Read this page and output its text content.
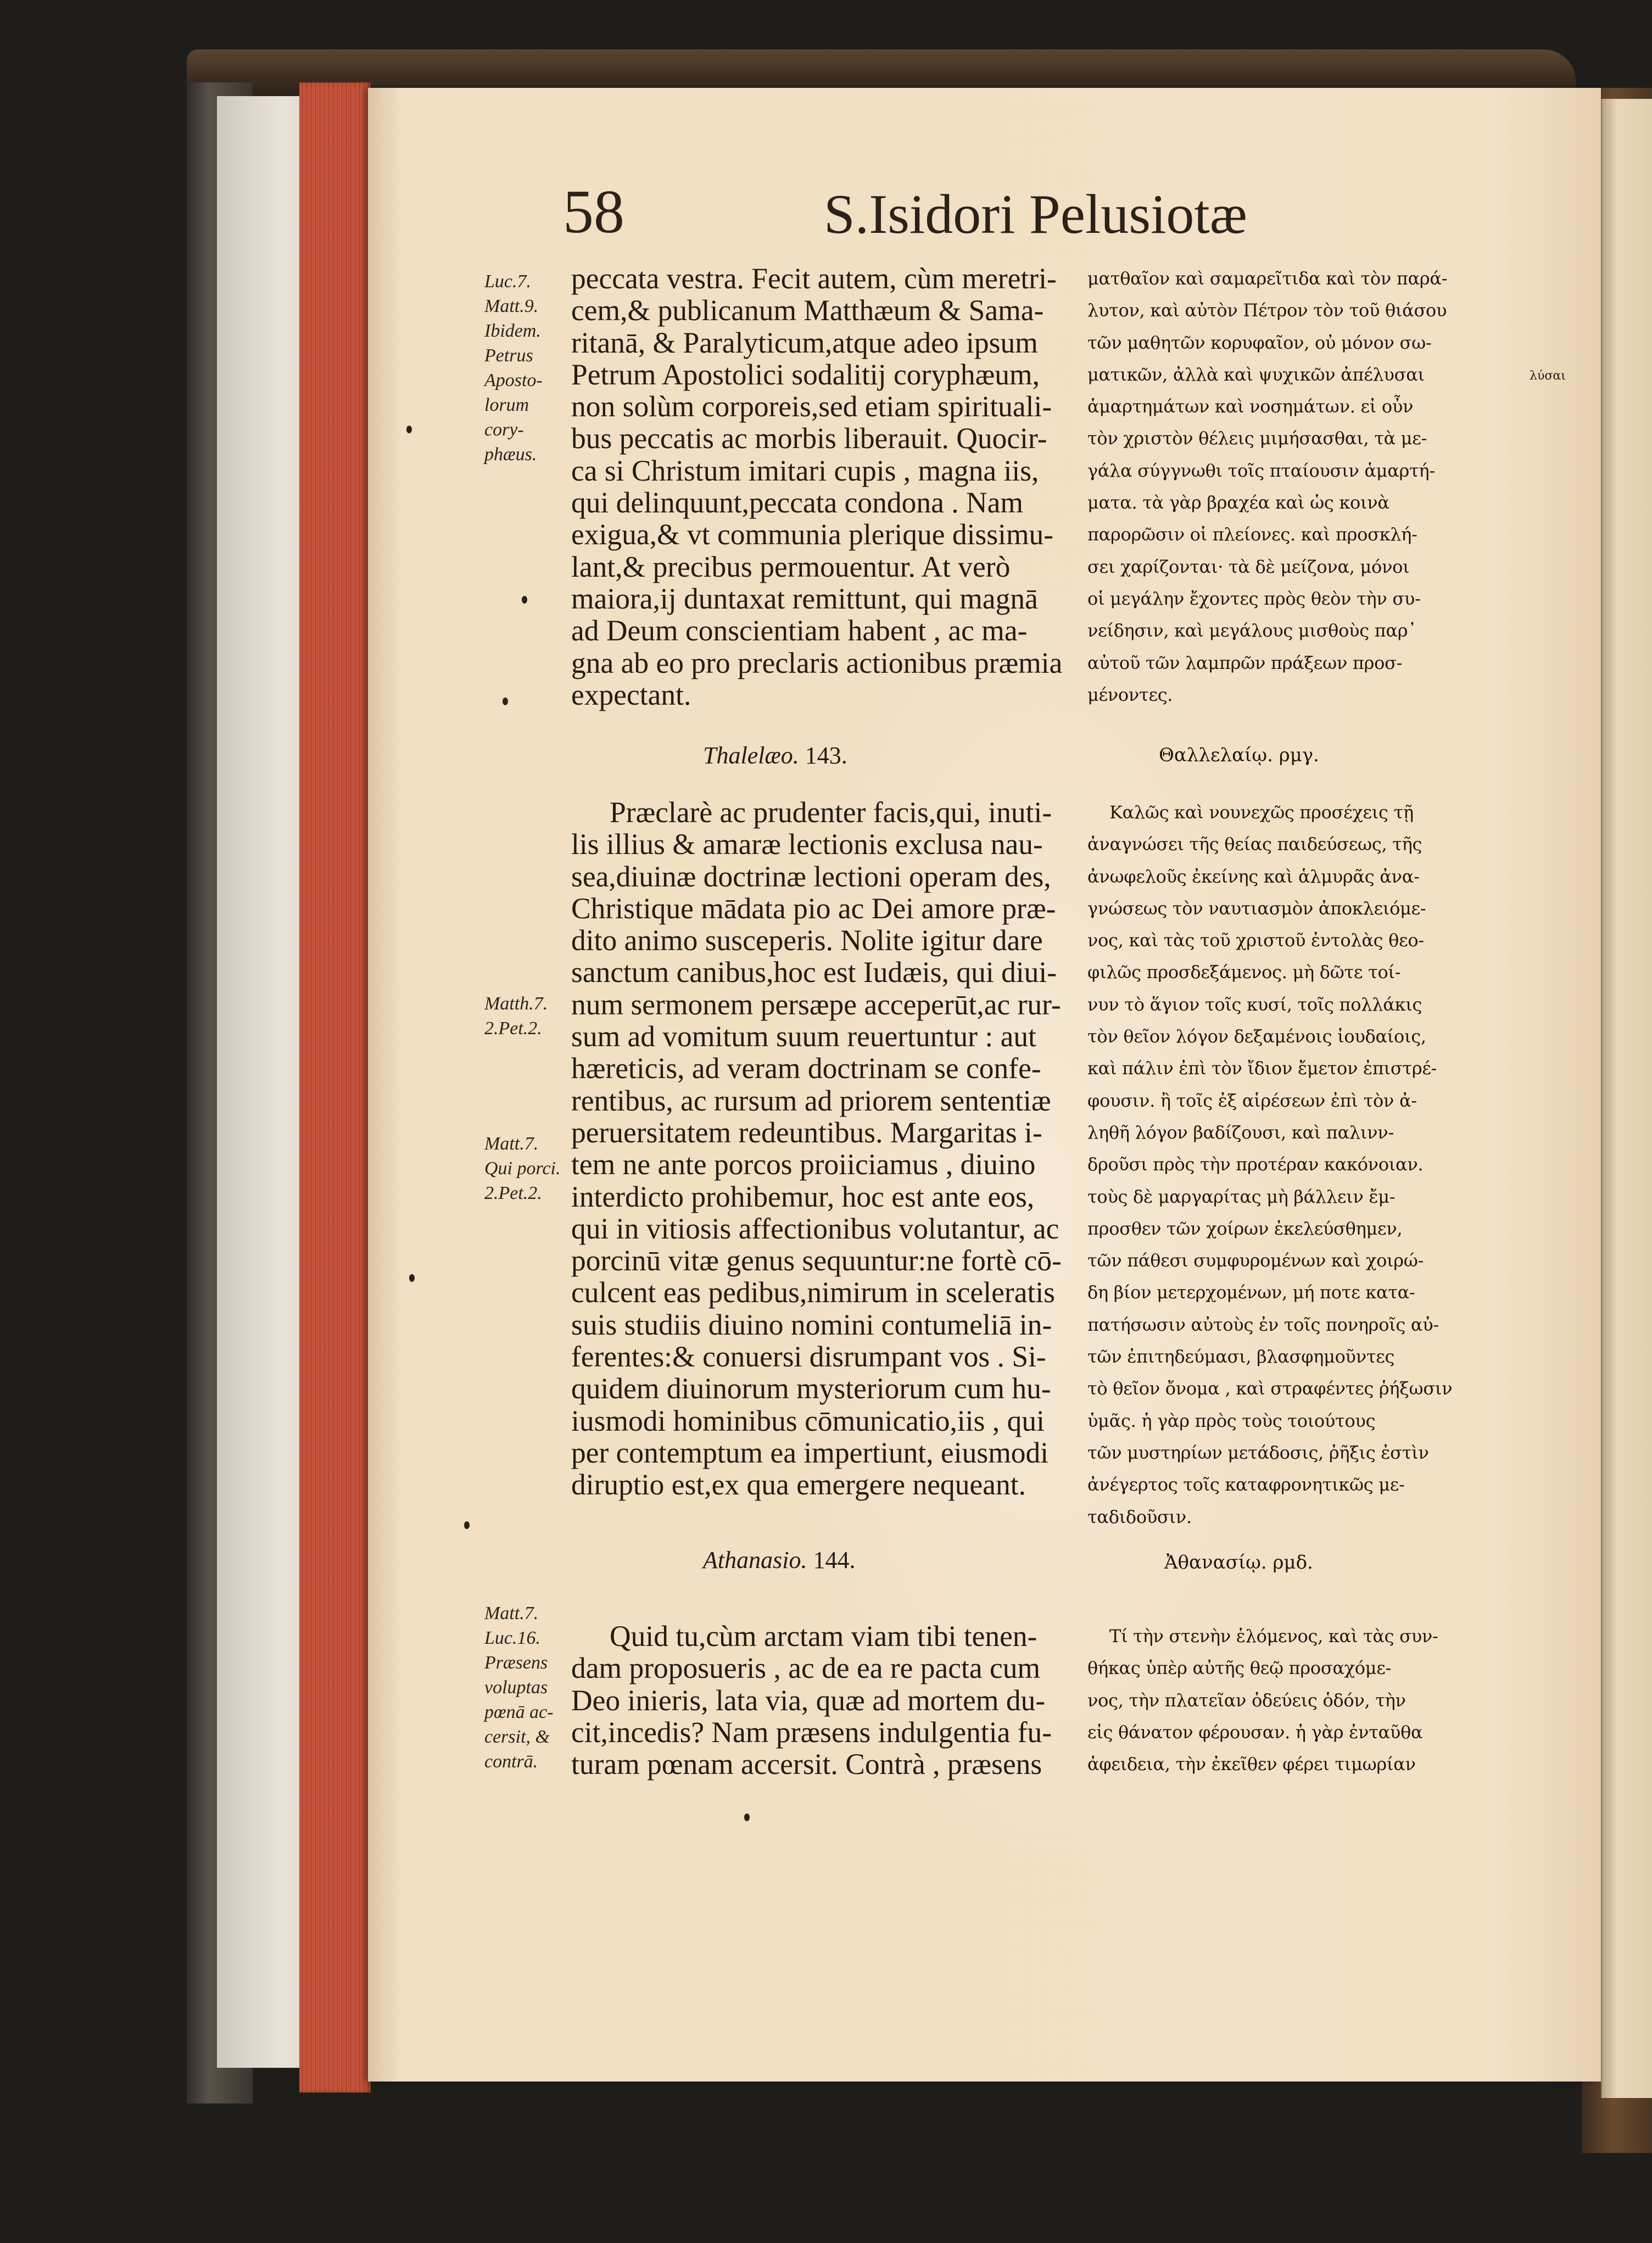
58	S.Isidori Pelusiotæ
Luc.7.
Matt.9.
Ibidem.
Petrus
Aposto-
lorum
cory-
phæus.
peccata vestra. Fecit autem, cùm meretri-
cem,& publicanum Matthæum & Sama-
ritanā, & Paralyticum,atque adeo ipsum
Petrum Apostolici sodalitij coryphæum,
non solùm corporeis,sed etiam spirituali-
bus peccatis ac morbis liberauit. Quocir-
ca si Christum imitari cupis , magna iis,
qui delinquunt,peccata condona . Nam
exigua,& vt communia plerique dissimu-
lant,& precibus permouentur. At verò
maiora,ij duntaxat remittunt, qui magnā
ad Deum conscientiam habent , ac ma-
gna ab eo pro preclaris actionibus præmia
expectant.
ματθαῖον καὶ σαμαρεῖτιδα καὶ τὸν παρά-
λυτον, καὶ αὐτὸν Πέτρον τὸν τοῦ θιάσου
τῶν μαθητῶν κορυφαῖον, οὐ μόνον σω-
ματικῶν, ἀλλὰ καὶ ψυχικῶν ἀπέλυσαι
ἁμαρτημάτων καὶ νοσημάτων. εἰ οὖν
τὸν χριστὸν θέλεις μιμήσασθαι, τὰ με-
γάλα σύγγνωθι τοῖς πταίουσιν ἁμαρτή-
ματα. τὰ γὰρ βραχέα καὶ ὡς κοινὰ
παρορῶσιν οἱ πλείονες. καὶ προσκλή-
σει χαρίζονται· τὰ δὲ μείζονα, μόνοι
οἱ μεγάλην ἔχοντες πρὸς θεὸν τὴν συ-
νείδησιν, καὶ μεγάλους μισθοὺς παρ᾽
αὐτοῦ τῶν λαμπρῶν πράξεων προσ-
μένοντες.
λύσαι
Thalelæo. 143.	Θαλλελαίῳ. ρμγ.
Matth.7.
2.Pet.2.
Matt.7.
Qui porci.
2.Pet.2.
Præclarè ac prudenter facis,qui, inuti-
lis illius & amaræ lectionis exclusa nau-
sea,diuinæ doctrinæ lectioni operam des,
Christique mādata pio ac Dei amore præ-
dito animo susceperis. Nolite igitur dare
sanctum canibus,hoc est Iudæis, qui diui-
num sermonem persæpe acceperūt,ac rur-
sum ad vomitum suum reuertuntur : aut
hæreticis, ad veram doctrinam se confe-
rentibus, ac rursum ad priorem sententiæ
peruersitatem redeuntibus. Margaritas i-
tem ne ante porcos proiiciamus , diuino
interdicto prohibemur, hoc est ante eos,
qui in vitiosis affectionibus volutantur, ac
porcinū vitæ genus sequuntur:ne fortè cō-
culcent eas pedibus,nimirum in sceleratis
suis studiis diuino nomini contumeliā in-
ferentes:& conuersi disrumpant vos . Si-
quidem diuinorum mysteriorum cum hu-
iusmodi hominibus cōmunicatio,iis , qui
per contemptum ea impertiunt, eiusmodi
diruptio est,ex qua emergere nequeant.
Καλῶς καὶ νουνεχῶς προσέχεις τῇ
ἀναγνώσει τῆς θείας παιδεύσεως, τῆς
ἀνωφελοῦς ἐκείνης καὶ ἁλμυρᾶς ἀνα-
γνώσεως τὸν ναυτιασμὸν ἀποκλειόμε-
νος, καὶ τὰς τοῦ χριστοῦ ἐντολὰς θεο-
φιλῶς προσδεξάμενος. μὴ δῶτε τοί-
νυν τὸ ἅγιον τοῖς κυσί, τοῖς πολλάκις
τὸν θεῖον λόγον δεξαμένοις ἰουδαίοις,
καὶ πάλιν ἐπὶ τὸν ἴδιον ἔμετον ἐπιστρέ-
φουσιν. ἢ τοῖς ἐξ αἱρέσεων ἐπὶ τὸν ἀ-
ληθῆ λόγον βαδίζουσι, καὶ παλινν-
δροῦσι πρὸς τὴν προτέραν κακόνοιαν.
τοὺς δὲ μαργαρίτας μὴ βάλλειν ἔμ-
προσθεν τῶν χοίρων ἐκελεύσθημεν,
τῶν πάθεσι συμφυρομένων καὶ χοιρώ-
δη βίον μετερχομένων, μή ποτε κατα-
πατήσωσιν αὐτοὺς ἐν τοῖς πονηροῖς αὐ-
τῶν ἐπιτηδεύμασι, βλασφημοῦντες
τὸ θεῖον ὄνομα , καὶ στραφέντες ῥήξωσιν
ὑμᾶς. ἡ γὰρ πρὸς τοὺς τοιούτους
τῶν μυστηρίων μετάδοσις, ῥῆξις ἐστὶν
ἀνέγερτος τοῖς καταφρονητικῶς με-
ταδιδοῦσιν.
Athanasio. 144.	Ἀθανασίῳ. ρμδ.
Matt.7.
Luc.16.
Præsens
voluptas
pœnā ac-
cersit, &
contrā.
Quid tu,cùm arctam viam tibi tenen-
dam proposueris , ac de ea re pacta cum
Deo inieris, lata via, quæ ad mortem du-
cit,incedis? Nam præsens indulgentia fu-
turam pœnam accersit. Contrà , præsens
Τί τὴν στενὴν ἑλόμενος, καὶ τὰς συν-
θήκας ὑπὲρ αὐτῆς θεῷ προσαχόμε-
νος, τὴν πλατεῖαν ὁδεύεις ὁδόν, τὴν
εἰς θάνατον φέρουσαν. ἡ γὰρ ἐνταῦθα
ἀφειδεια, τὴν ἐκεῖθεν φέρει τιμωρίαν
